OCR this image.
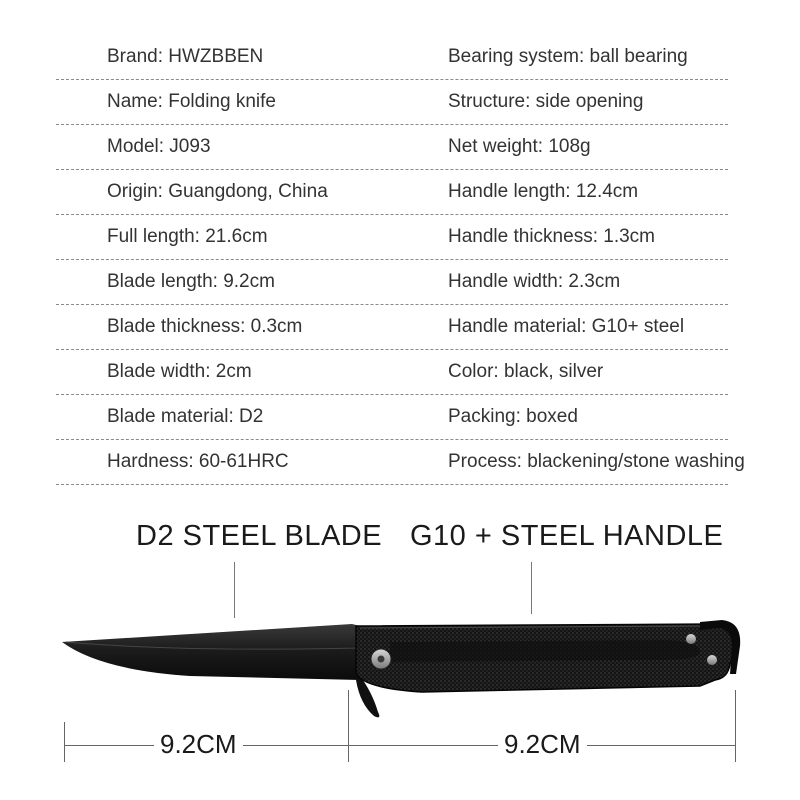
Brand: HWZBBEN	Bearing system: ball bearing
Name: Folding knife	Structure: side opening
Model: J093	Net weight: 108g
Origin: Guangdong, China	Handle length: 12.4cm
Full length: 21.6cm	Handle thickness: 1.3cm
Blade length: 9.2cm	Handle width: 2.3cm
Blade thickness: 0.3cm	Handle material: G10+ steel
Blade width: 2cm	Color: black, silver
Blade material: D2	Packing: boxed
Hardness: 60-61HRC	Process: blackening/stone washing
D2 STEEL BLADE G10 + STEEL HANDLE
9.2CM	9.2CM
